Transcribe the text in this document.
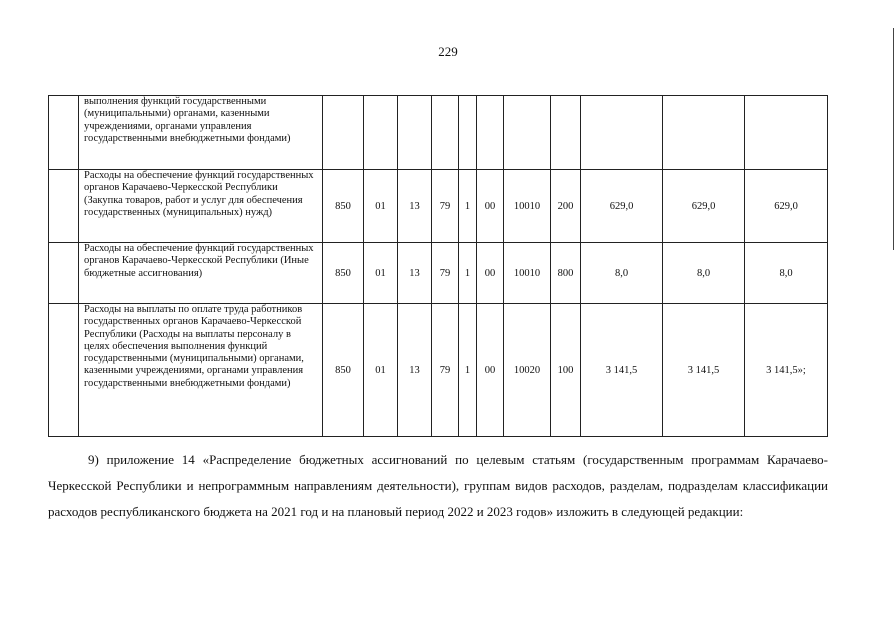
229
	выполнения функций государственными (муниципальными) органами, казенными учреждениями, органами управления государственными внебюджетными фондами)											
	Расходы на обеспечение функций государственных органов Карачаево-Черкесской Республики (Закупка товаров, работ и услуг для обеспечения государственных (муниципальных) нужд)	850	01	13	79	1	00	10010	200	629,0	629,0	629,0
	Расходы на обеспечение функций государственных органов Карачаево-Черкесской Республики (Иные бюджетные ассигнования)	850	01	13	79	1	00	10010	800	8,0	8,0	8,0
	Расходы на выплаты по оплате труда работников государственных органов Карачаево-Черкесской Республики (Расходы на выплаты персоналу в целях обеспечения выполнения функций государственными (муниципальными) органами, казенными учреждениями, органами управления государственными внебюджетными фондами)	850	01	13	79	1	00	10020	100	3 141,5	3 141,5	3 141,5»;

9) приложение 14 «Распределение бюджетных ассигнований по целевым статьям (государственным программам Карачаево-Черкесской Республики и непрограммным направлениям деятельности), группам видов расходов, разделам, подразделам классификации расходов республиканского бюджета на 2021 год и на плановый период 2022 и 2023 годов» изложить в следующей редакции:
